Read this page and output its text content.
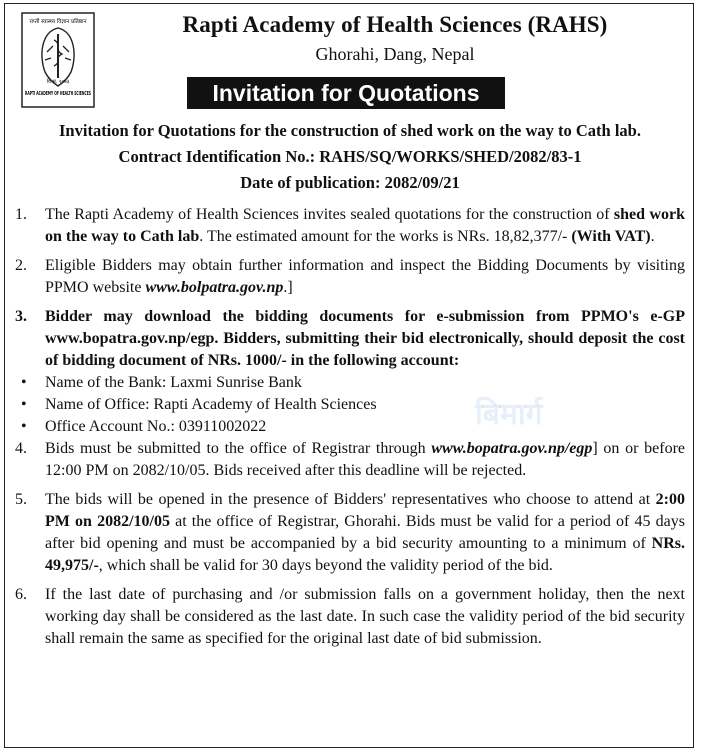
राप्ती स्वास्थ्य विज्ञान प्रतिष्ठान
वि.सं. २०७३
RAPTI ACADEMY OF HEALTH SCIENCES
Rapti Academy of Health Sciences (RAHS)
Ghorahi, Dang, Nepal
Invitation for Quotations
Invitation for Quotations for the construction of shed work on the way to Cath lab.
Contract Identification No.: RAHS/SQ/WORKS/SHED/2082/83-1
Date of publication: 2082/09/21
1.	The Rapti Academy of Health Sciences invites sealed quotations for the construction of shed work on the way to Cath lab. The estimated amount for the works is NRs. 18,82,377/- (With VAT).
2.	Eligible Bidders may obtain further information and inspect the Bidding Documents by visiting PPMO website www.bolpatra.gov.np.]
3.	Bidder may download the bidding documents for e-submission from PPMO's e-GP www.bopatra.gov.np/egp. Bidders, submitting their bid electronically, should deposit the cost of bidding document of NRs. 1000/- in the following account:
•	Name of the Bank: Laxmi Sunrise Bank
•	Name of Office: Rapti Academy of Health Sciences
•	Office Account No.: 03911002022
4.	Bids must be submitted to the office of Registrar through www.bopatra.gov.np/egp] on or before 12:00 PM on 2082/10/05. Bids received after this deadline will be rejected.
5.	The bids will be opened in the presence of Bidders' representatives who choose to attend at 2:00 PM on 2082/10/05 at the office of Registrar, Ghorahi. Bids must be valid for a period of 45 days after bid opening and must be accompanied by a bid security amounting to a minimum of NRs. 49,975/-, which shall be valid for 30 days beyond the validity period of the bid.
6.	If the last date of purchasing and /or submission falls on a government holiday, then the next working day shall be considered as the last date. In such case the validity period of the bid security shall remain the same as specified for the original last date of bid submission.
बिमार्ग
